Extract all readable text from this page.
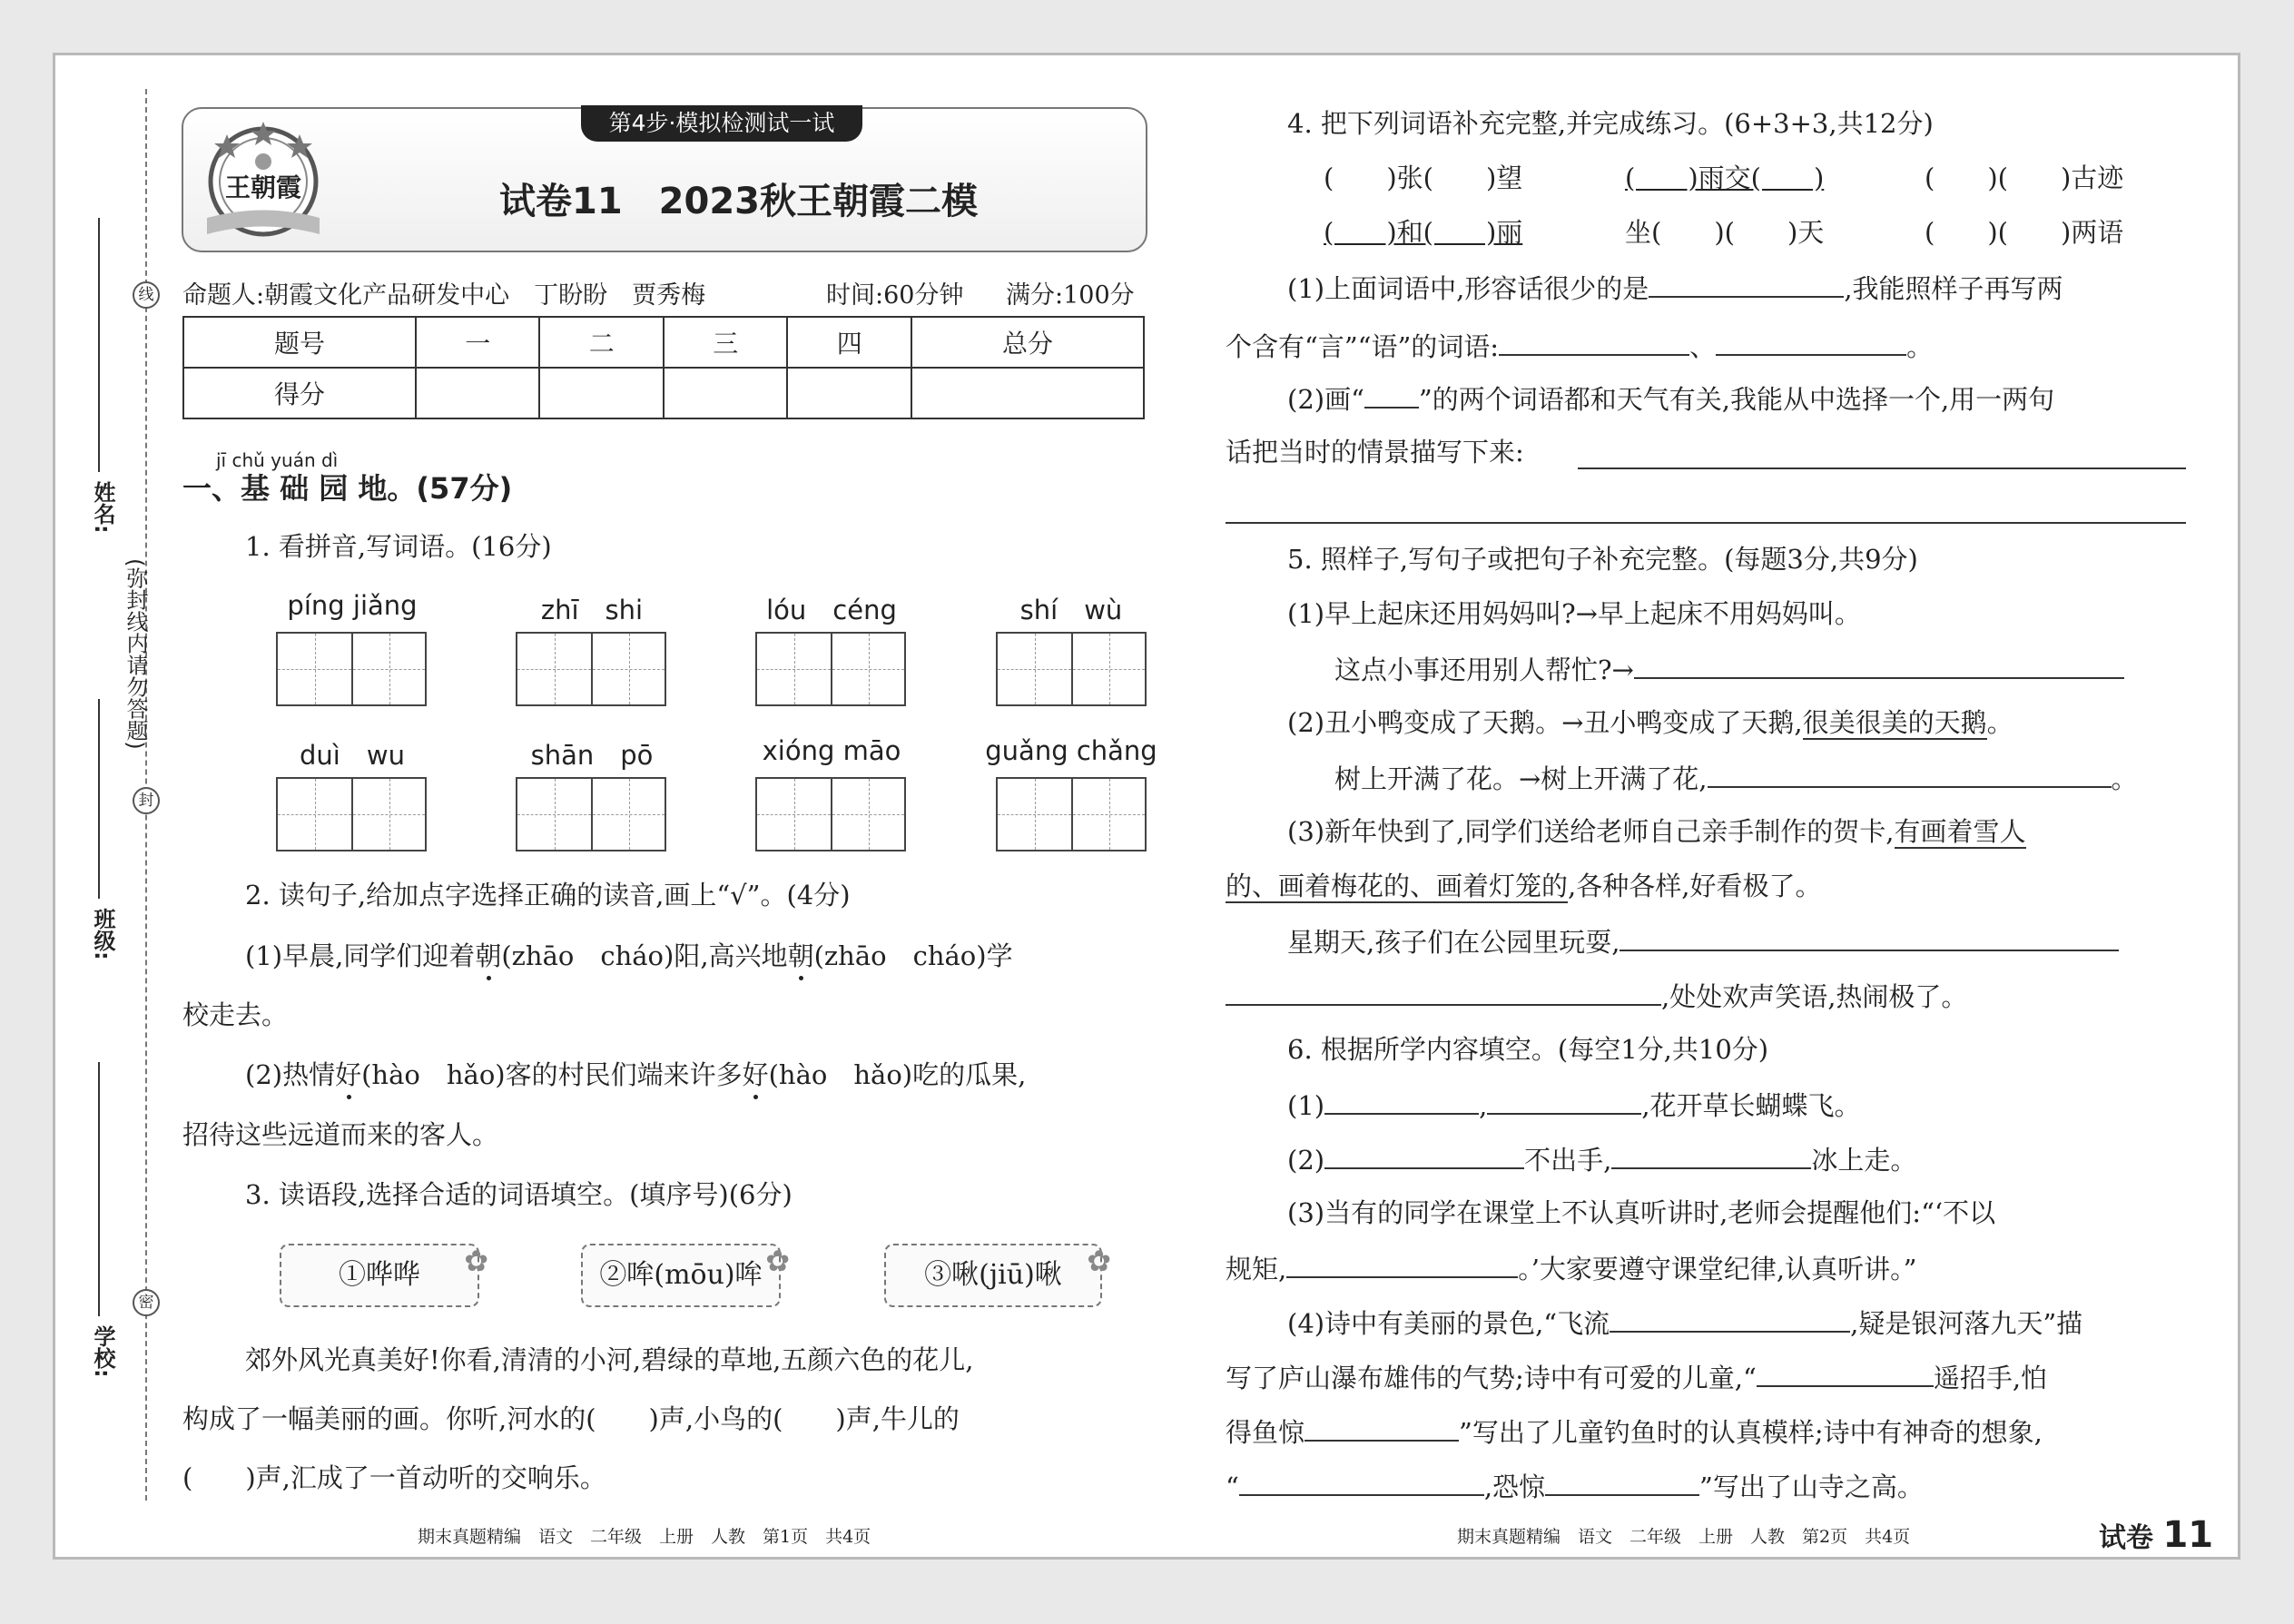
线
封
密
(弥封线内请勿答题)
姓名:
班级:
学校:
第4步·模拟检测试一试
王朝霞	试卷11　2023秋王朝霞二模
命题人:朝霞文化产品研发中心　丁盼盼　贾秀梅	时间:60分钟 满分:100分
题号	一	二	三	四	总分
得分					
jī chǔ yuán dì
一、基 础 园 地。(57分)
1. 看拼音,写词语。(16分)
píng jiǎng	zhī　shi	lóu　céng	shí　wù
duì　wu	shān　pō	xióng māo	guǎng chǎng
2. 读句子,给加点字选择正确的读音,画上“√”。(4分)
(1)早晨,同学们迎着朝(zhāo　cháo)阳,高兴地朝(zhāo　cháo)学
校走去。
(2)热情好(hào　hǎo)客的村民们端来许多好(hào　hǎo)吃的瓜果,
招待这些远道而来的客人。
3. 读语段,选择合适的词语填空。(填序号)(6分)
①哗哗 ✿	②哞(mōu)哞 ✿	③啾(jiū)啾 ✿
郊外风光真美好!你看,清清的小河,碧绿的草地,五颜六色的花儿,
构成了一幅美丽的画。你听,河水的(　　)声,小鸟的(　　)声,牛儿的
(　　)声,汇成了一首动听的交响乐。
期末真题精编　语文　二年级　上册　人教　第1页　共4页
4. 把下列词语补充完整,并完成练习。(6+3+3,共12分)
(　　)张(　　)望	(　　)雨交(　　)	(　　)(　　)古迹
(　　)和(　　)丽	坐(　　)(　　)天	(　　)(　　)两语
(1)上面词语中,形容话很少的是	,我能照样子再写两
个含有“言”“语”的词语:	、	。
(2)画“ ”的两个词语都和天气有关,我能从中选择一个,用一两句
话把当时的情景描写下来:
5. 照样子,写句子或把句子补充完整。(每题3分,共9分)
(1)早上起床还用妈妈叫?→早上起床不用妈妈叫。
这点小事还用别人帮忙?→
(2)丑小鸭变成了天鹅。→丑小鸭变成了天鹅,很美很美的天鹅。
树上开满了花。→树上开满了花,	。
(3)新年快到了,同学们送给老师自己亲手制作的贺卡,有画着雪人
的、画着梅花的、画着灯笼的,各种各样,好看极了。
星期天,孩子们在公园里玩耍,
,处处欢声笑语,热闹极了。
6. 根据所学内容填空。(每空1分,共10分)
(1)	,	,花开草长蝴蝶飞。
(2)	不出手,	冰上走。
(3)当有的同学在课堂上不认真听讲时,老师会提醒他们:“‘不以
规矩,	。’大家要遵守课堂纪律,认真听讲。”
(4)诗中有美丽的景色,“飞流	,疑是银河落九天”描
写了庐山瀑布雄伟的气势;诗中有可爱的儿童,“	遥招手,怕
得鱼惊	”写出了儿童钓鱼时的认真模样;诗中有神奇的想象,
“	,恐惊	”写出了山寺之高。
期末真题精编　语文　二年级　上册　人教　第2页　共4页	试卷 11
